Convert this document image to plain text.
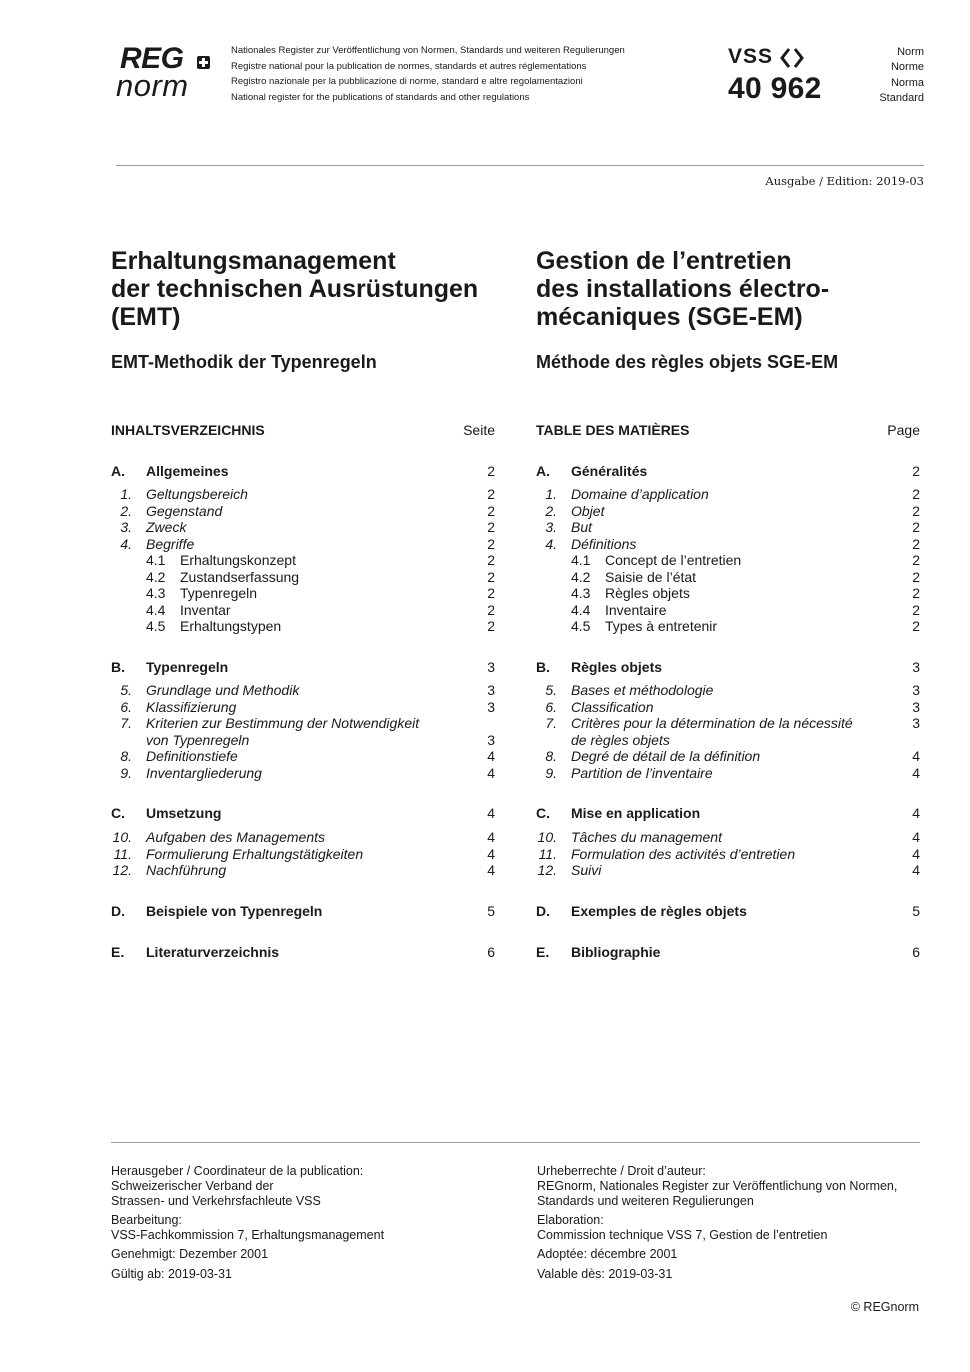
REG
norm
Nationales Register zur Veröffentlichung von Normen, Standards und weiteren Regulierungen
Registre national pour la publication de normes, standards et autres réglementations
Registro nazionale per la pubblicazione di norme, standard e altre regolamentazioni
National register for the publications of standards and other regulations
VSS
40 962
Norm
Norme
Norma
Standard
Ausgabe / Edition: 2019-03
Erhaltungsmanagement
der technischen Ausrüstungen
(EMT)
EMT-Methodik der Typenregeln
INHALTSVERZEICHNIS	Seite
A. Allgemeines	2
1. Geltungsbereich	2
2. Gegenstand	2
3. Zweck	2
4. Begriffe	2
4.1 Erhaltungskonzept	2
4.2 Zustandserfassung	2
4.3 Typenregeln	2
4.4 Inventar	2
4.5 Erhaltungstypen	2
B. Typenregeln	3
5. Grundlage und Methodik	3
6. Klassifizierung	3
7. Kriterien zur Bestimmung der Notwendigkeit
von Typenregeln	3
8. Definitionstiefe	4
9. Inventargliederung	4
C. Umsetzung	4
10. Aufgaben des Managements	4
11. Formulierung Erhaltungstätigkeiten	4
12. Nachführung	4
D. Beispiele von Typenregeln	5
E. Literaturverzeichnis	6
Gestion de l’entretien
des installations électro-
mécaniques (SGE-EM)
Méthode des règles objets SGE-EM
TABLE DES MATIÈRES	Page
A. Généralités	2
1. Domaine d’application	2
2. Objet	2
3. But	2
4. Définitions	2
4.1 Concept de l’entretien	2
4.2 Saisie de l’état	2
4.3 Règles objets	2
4.4 Inventaire	2
4.5 Types à entretenir	2
B. Règles objets	3
5. Bases et méthodologie	3
6. Classification	3
7. Critères pour la détermination de la nécessité	3
de règles objets
8. Degré de détail de la définition	4
9. Partition de l’inventaire	4
C. Mise en application	4
10. Tâches du management	4
11. Formulation des activités d’entretien	4
12. Suivi	4
D. Exemples de règles objets	5
E. Bibliographie	6
Herausgeber / Coordinateur de la publication:
Schweizerischer Verband der
Strassen- und Verkehrsfachleute VSS
Bearbeitung:
VSS-Fachkommission 7, Erhaltungsmanagement
Genehmigt: Dezember 2001
Gültig ab: 2019-03-31
Urheberrechte / Droit d’auteur:
REGnorm, Nationales Register zur Veröffentlichung von Normen,
Standards und weiteren Regulierungen
Elaboration:
Commission technique VSS 7, Gestion de l’entretien
Adoptée: décembre 2001
Valable dès: 2019-03-31
© REGnorm
